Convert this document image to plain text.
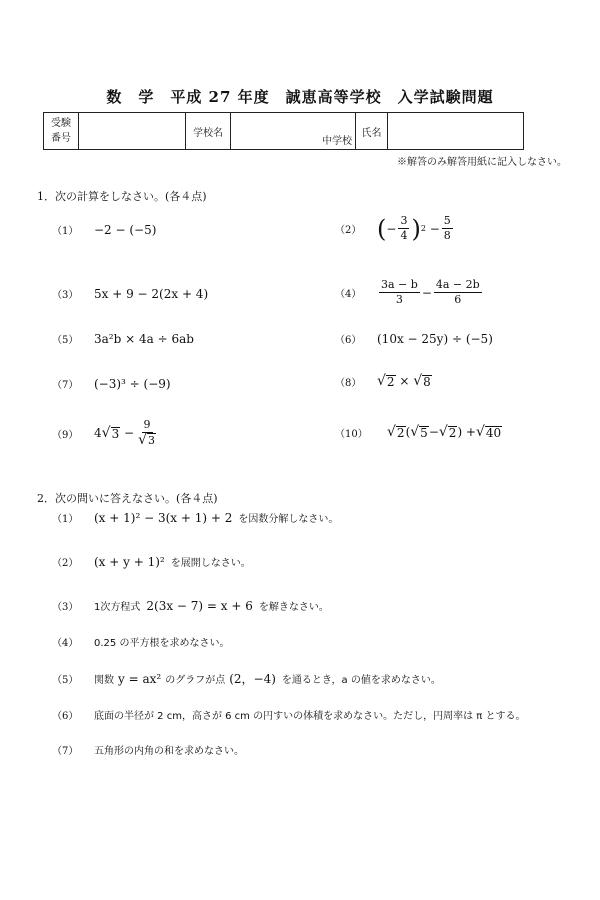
数　学　平成 27 年度　誠恵高等学校　入学試験問題
受験
番号		学校名	中学校	氏名	
※解答のみ解答用紙に記入しなさい。
1．次の計算をしなさい。(各４点)
（1）	−2 − (−5)	（2） ( − $\frac{3}{4}$ ) $2 - \frac{5}{8}$
（3）	5x + 9 − 2(2x + 4)	（4）	$\frac{3a - b}{3} - \frac{4a - 2b}{6}$
（5）	3a²b × 4a ÷ 6ab	（6）	(10x − 25y) ÷ (−5)
（7）	(−3)³ ÷ (−9)	（8）	√ 2 × √ 8
（9）	4 √ $3 - \frac{9}{√ 3}$	（10）	√ 2 ( √ 5 − √ 2 ) + √ 40
2．次の問いに答えなさい。(各４点)
（1）	(x + 1)² − 3(x + 1) + 2 を因数分解しなさい。
（2）	(x + y + 1)² を展開しなさい。
（3）	1次方程式 2(3x − 7) = x + 6 を解きなさい。
（4）	0.25 の平方根を求めなさい。
（5）	関数 y = ax² のグラフが点 (2，−4) を通るとき，a の値を求めなさい。
（6）	底面の半径が 2 cm，高さが 6 cm の円すいの体積を求めなさい。ただし，円周率は π とする。
（7）	五角形の内角の和を求めなさい。
